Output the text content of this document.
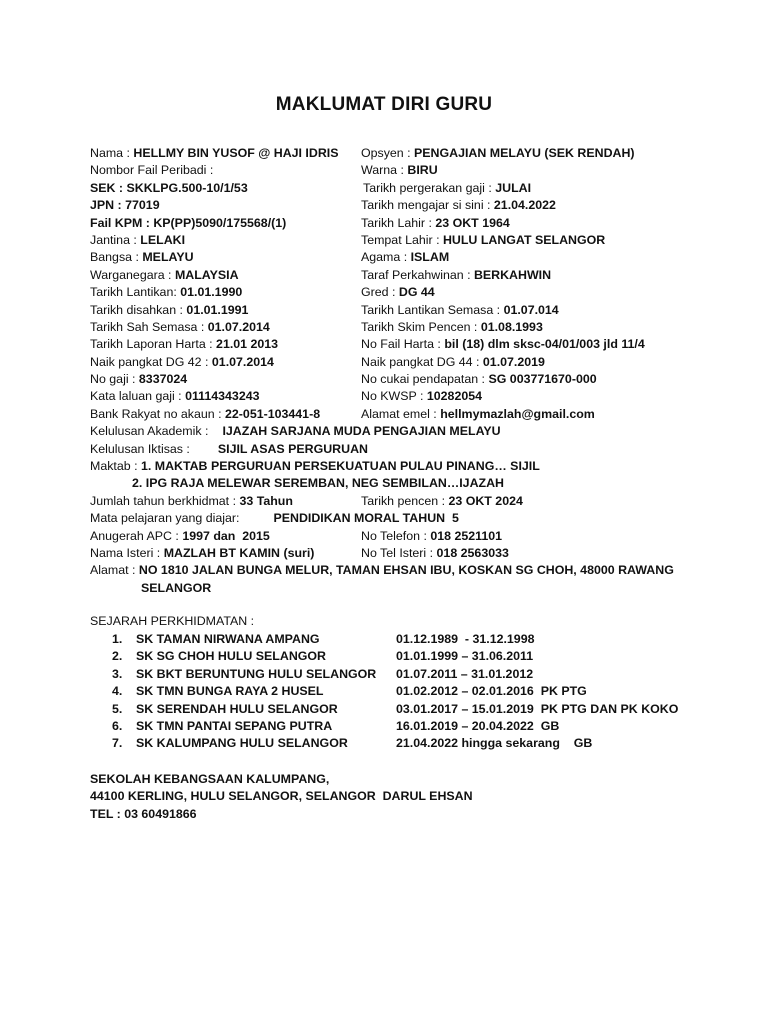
MAKLUMAT DIRI GURU
Nama : HELLMY BIN YUSOF @ HAJI IDRIS Opsyen : PENGAJIAN MELAYU (SEK RENDAH)
Nombor Fail Peribadi :	Warna : BIRU
SEK : SKKLPG.500-10/1/53	Tarikh pergerakan gaji : JULAI
JPN : 77019	Tarikh mengajar si sini : 21.04.2022
Fail KPM : KP(PP)5090/175568/(1)	Tarikh Lahir : 23 OKT 1964
Jantina : LELAKI	Tempat Lahir : HULU LANGAT SELANGOR
Bangsa : MELAYU	Agama : ISLAM
Warganegara : MALAYSIA	Taraf Perkahwinan : BERKAHWIN
Tarikh Lantikan: 01.01.1990	Gred : DG 44
Tarikh disahkan : 01.01.1991	Tarikh Lantikan Semasa : 01.07.014
Tarikh Sah Semasa : 01.07.2014	Tarikh Skim Pencen : 01.08.1993
Tarikh Laporan Harta : 21.01 2013	No Fail Harta : bil (18) dlm sksc-04/01/003 jld 11/4
Naik pangkat DG 42 : 01.07.2014	Naik pangkat DG 44 : 01.07.2019
No gaji : 8337024	No cukai pendapatan : SG 003771670-000
Kata laluan gaji : 01114343243	No KWSP : 10282054
Bank Rakyat no akaun : 22-051-103441-8	Alamat emel : hellmymazlah@gmail.com
Kelulusan Akademik : IJAZAH SARJANA MUDA PENGAJIAN MELAYU
Kelulusan Iktisas : SIJIL ASAS PERGURUAN
Maktab : 1. MAKTAB PERGURUAN PERSEKUATUAN PULAU PINANG… SIJIL
2. IPG RAJA MELEWAR SEREMBAN, NEG SEMBILAN…IJAZAH
Jumlah tahun berkhidmat : 33 Tahun	Tarikh pencen : 23 OKT 2024
Mata pelajaran yang diajar:	PENDIDIKAN MORAL TAHUN  5
Anugerah APC : 1997 dan  2015	No Telefon : 018 2521101
Nama Isteri : MAZLAH BT KAMIN (suri)	No Tel Isteri : 018 2563033
Alamat : NO 1810 JALAN BUNGA MELUR, TAMAN EHSAN IBU, KOSKAN SG CHOH, 48000 RAWANG
SELANGOR
SEJARAH PERKHIDMATAN :
1. SK TAMAN NIRWANA AMPANG	01.12.1989  - 31.12.1998
2. SK SG CHOH HULU SELANGOR	01.01.1999 – 31.06.2011
3. SK BKT BERUNTUNG HULU SELANGOR 01.07.2011 – 31.01.2012
4. SK TMN BUNGA RAYA 2 HUSEL	01.02.2012 – 02.01.2016  PK PTG
5. SK SERENDAH HULU SELANGOR	03.01.2017 – 15.01.2019  PK PTG DAN PK KOKO
6. SK TMN PANTAI SEPANG PUTRA	16.01.2019 – 20.04.2022  GB
7. SK KALUMPANG HULU SELANGOR	21.04.2022 hingga sekarang    GB
SEKOLAH KEBANGSAAN KALUMPANG,
44100 KERLING, HULU SELANGOR, SELANGOR  DARUL EHSAN
TEL : 03 60491866
